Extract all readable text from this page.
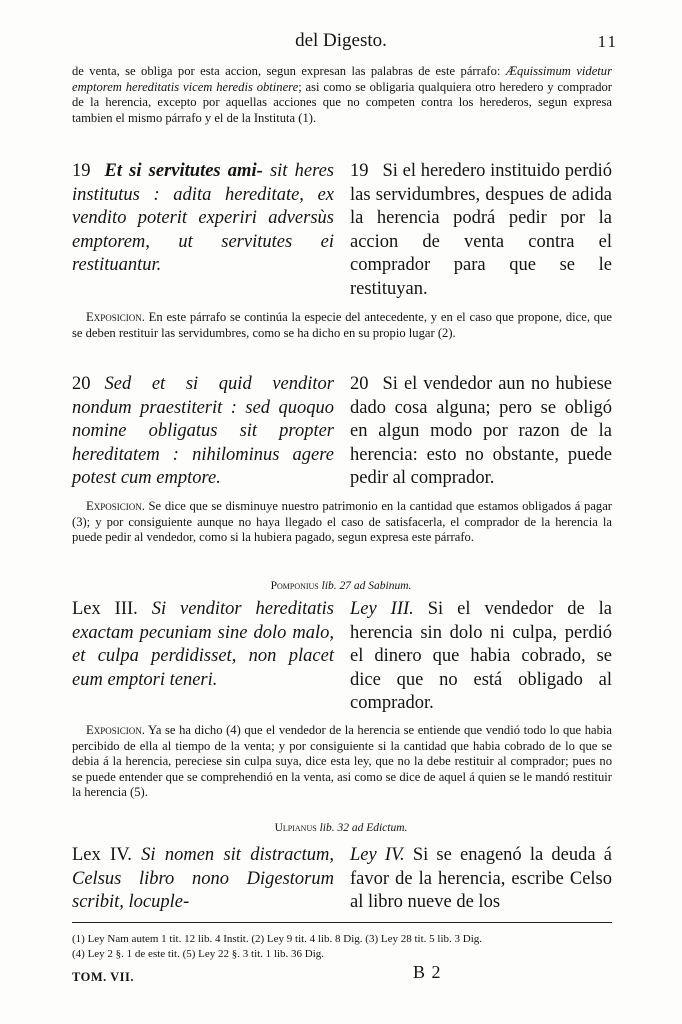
del Digesto.	11
de venta, se obliga por esta accion, segun expresan las palabras de este párrafo: Æquissimum videtur emptorem hereditatis vicem heredis obtinere; asi como se obligaria qualquiera otro heredero y comprador de la herencia, excepto por aquellas acciones que no competen contra los herederos, segun expresa tambien el mismo párrafo y el de la Instituta (1).
19 Et si servitutes ami- sit heres institutus : adita hereditate, ex vendito poterit experiri adversùs emptorem, ut servitutes ei restituantur.
19 Si el heredero instituido perdió las servidumbres, despues de adida la herencia podrá pedir por la accion de venta contra el comprador para que se le restituyan.
Exposicion. En este párrafo se continúa la especie del antecedente, y en el caso que propone, dice, que se deben restituir las servidumbres, como se ha dicho en su propio lugar (2).
20 Sed et si quid venditor nondum praestiterit : sed quoquo nomine obligatus sit propter hereditatem : nihilominus agere potest cum emptore.
20 Si el vendedor aun no hubiese dado cosa alguna; pero se obligó en algun modo por razon de la herencia: esto no obstante, puede pedir al comprador.
Exposicion. Se dice que se disminuye nuestro patrimonio en la cantidad que estamos obligados á pagar (3); y por consiguiente aunque no haya llegado el caso de satisfacerla, el comprador de la herencia la puede pedir al vendedor, como si la hubiera pagado, segun expresa este párrafo.
Pomponius lib. 27 ad Sabinum.
Lex III. Si venditor hereditatis exactam pecuniam sine dolo malo, et culpa perdidisset, non placet eum emptori teneri.
Ley III. Si el vendedor de la herencia sin dolo ni culpa, perdió el dinero que habia cobrado, se dice que no está obligado al comprador.
Exposicion. Ya se ha dicho (4) que el vendedor de la herencia se entiende que vendió todo lo que habia percibido de ella al tiempo de la venta; y por consiguiente si la cantidad que habia cobrado de lo que se debia á la herencia, pereciese sin culpa suya, dice esta ley, que no la debe restituir al comprador; pues no se puede entender que se comprehendió en la venta, asi como se dice de aquel á quien se le mandó restituir la herencia (5).
Ulpianus lib. 32 ad Edictum.
Lex IV. Si nomen sit distractum, Celsus libro nono Digestorum scribit, locuple-
Ley IV. Si se enagenó la deuda á favor de la herencia, escribe Celso al libro nueve de los
(1) Ley Nam autem 1 tit. 12 lib. 4 Instit. (2) Ley 9 tit. 4 lib. 8 Dig. (3) Ley 28 tit. 5 lib. 3 Dig.
(4) Ley 2 §. 1 de este tit. (5) Ley 22 §. 3 tit. 1 lib. 36 Dig.
TOM. VII.	B 2
